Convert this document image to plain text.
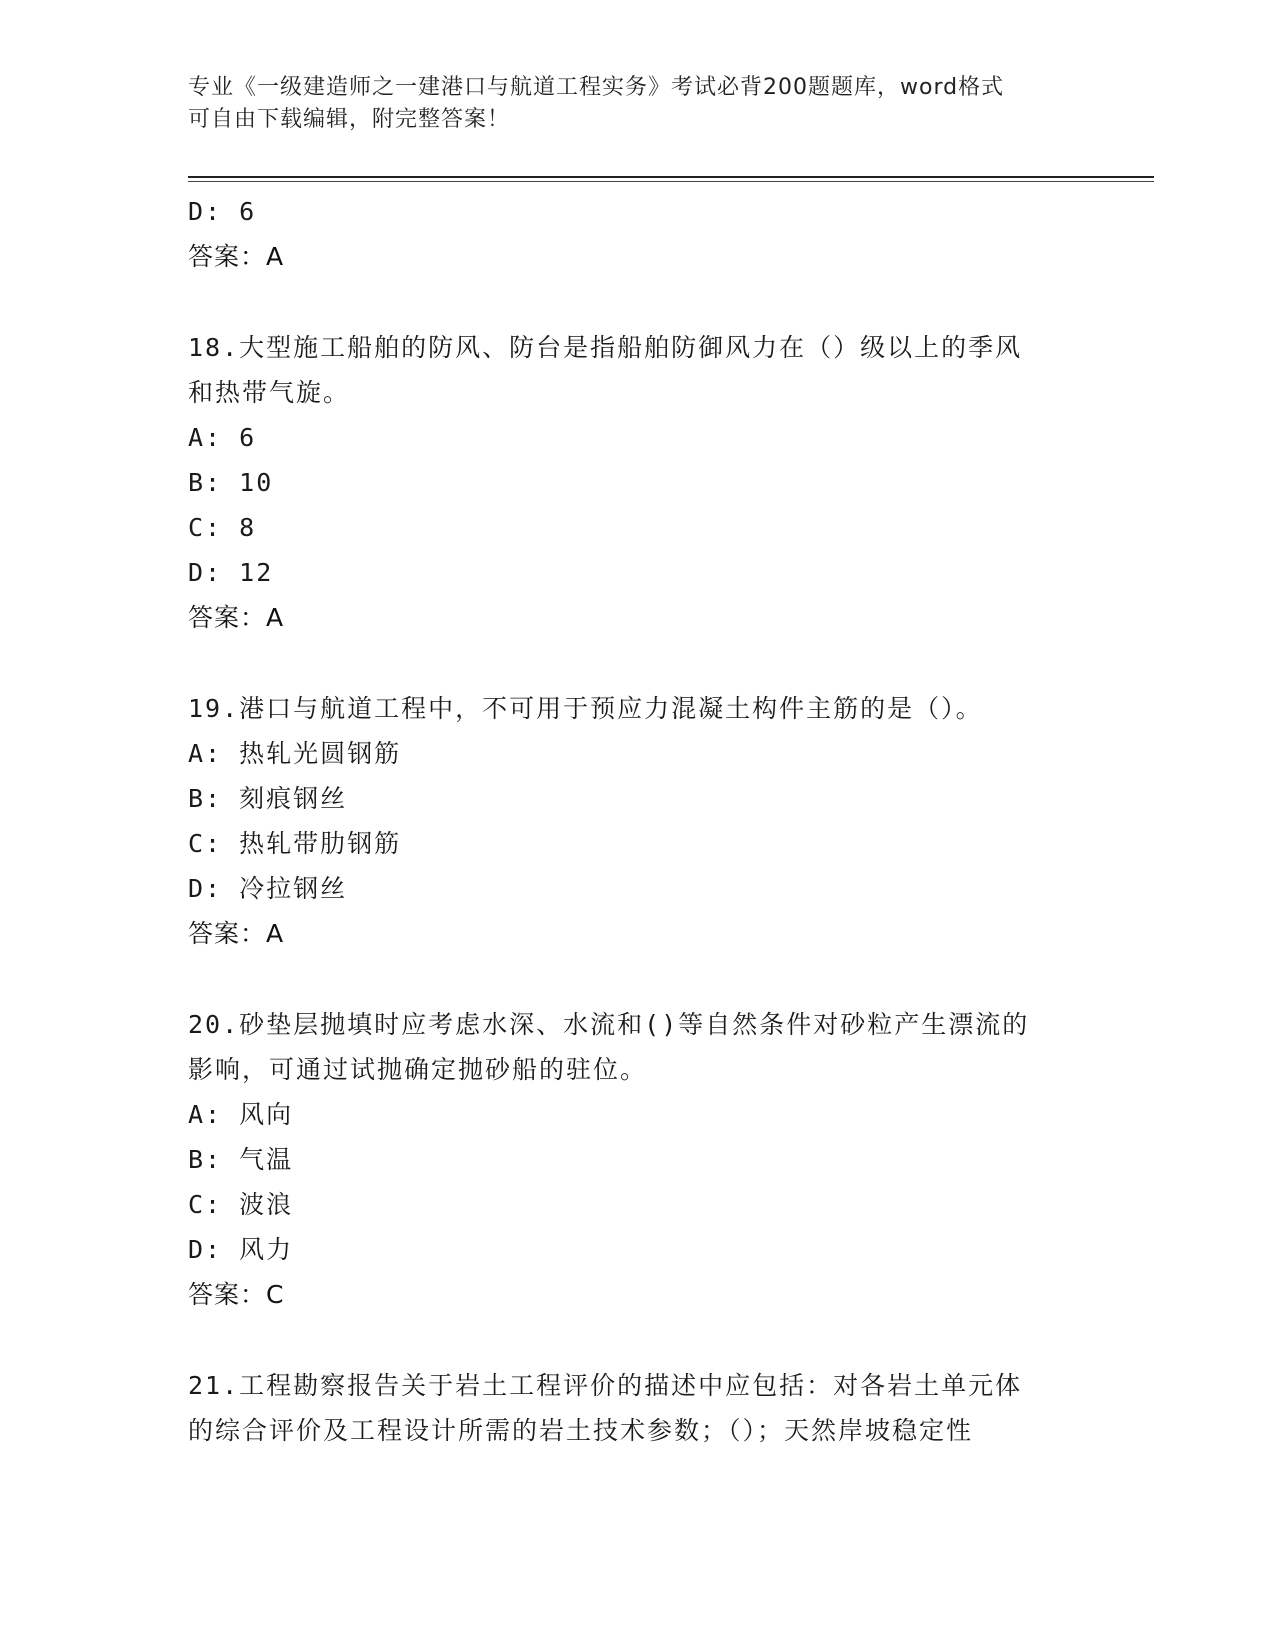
专业《一级建造师之一建港口与航道工程实务》考试必背200题题库，word格式
可自由下载编辑，附完整答案！
D: 6
答案：A
18.大型施工船舶的防风、防台是指船舶防御风力在（）级以上的季风
和热带气旋。
A: 6
B: 10
C: 8
D: 12
答案：A
19.港口与航道工程中，不可用于预应力混凝土构件主筋的是（）。
A: 热轧光圆钢筋
B: 刻痕钢丝
C: 热轧带肋钢筋
D: 冷拉钢丝
答案：A
20.砂垫层抛填时应考虑水深、水流和()等自然条件对砂粒产生漂流的
影响，可通过试抛确定抛砂船的驻位。
A: 风向
B: 气温
C: 波浪
D: 风力
答案：C
21.工程勘察报告关于岩土工程评价的描述中应包括：对各岩土单元体
的综合评价及工程设计所需的岩土技术参数；（）；天然岸坡稳定性
